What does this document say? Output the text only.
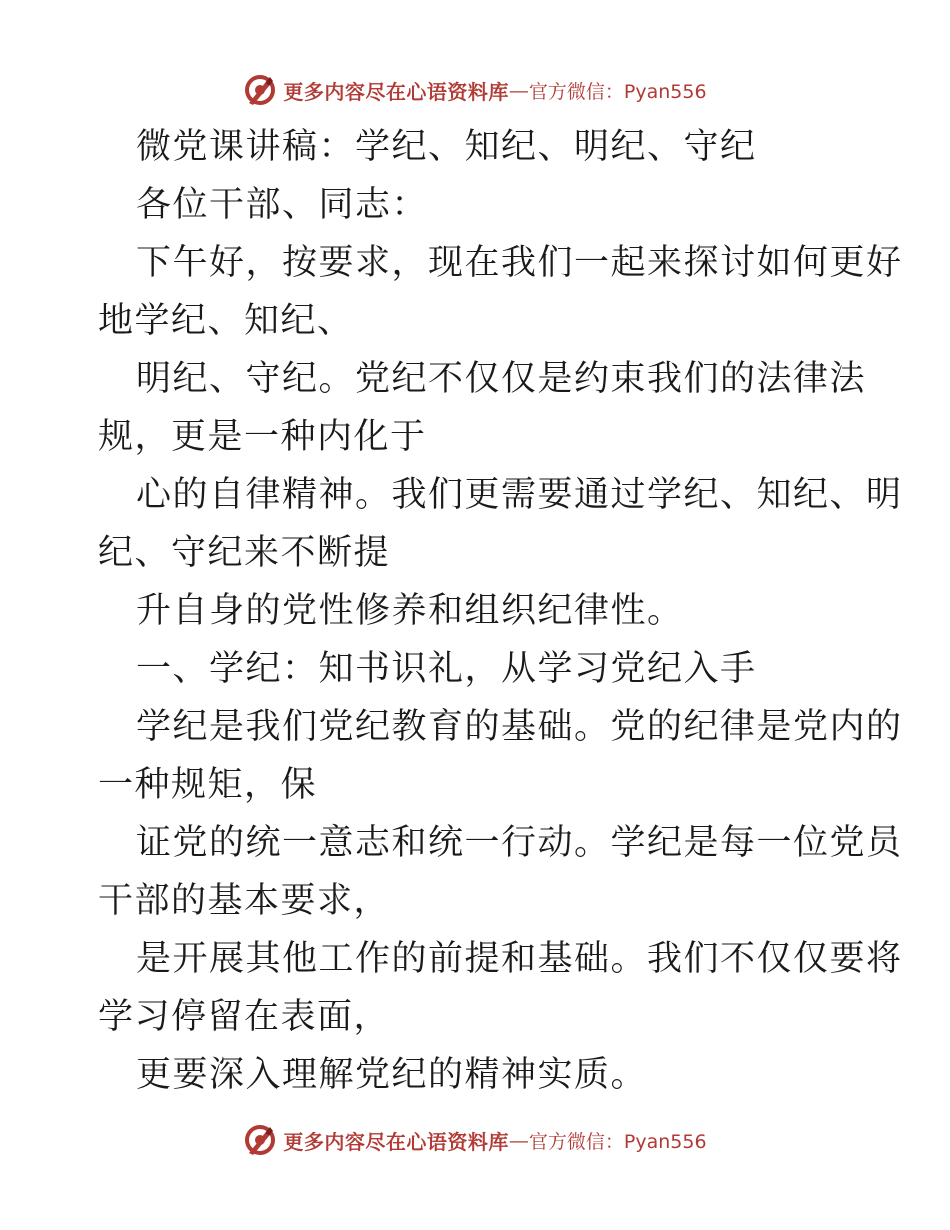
更多内容尽在心语资料库 — 官方微信：Pyan556
微党课讲稿：学纪、知纪、明纪、守纪
各位干部、同志：
下午好，按要求，现在我们一起来探讨如何更好
地学纪、知纪、
明纪、守纪。党纪不仅仅是约束我们的法律法
规，更是一种内化于
心的自律精神。我们更需要通过学纪、知纪、明
纪、守纪来不断提
升自身的党性修养和组织纪律性。
一、学纪：知书识礼，从学习党纪入手
学纪是我们党纪教育的基础。党的纪律是党内的
一种规矩，保
证党的统一意志和统一行动。学纪是每一位党员
干部的基本要求，
是开展其他工作的前提和基础。我们不仅仅要将
学习停留在表面，
更要深入理解党纪的精神实质。
更多内容尽在心语资料库 — 官方微信：Pyan556
